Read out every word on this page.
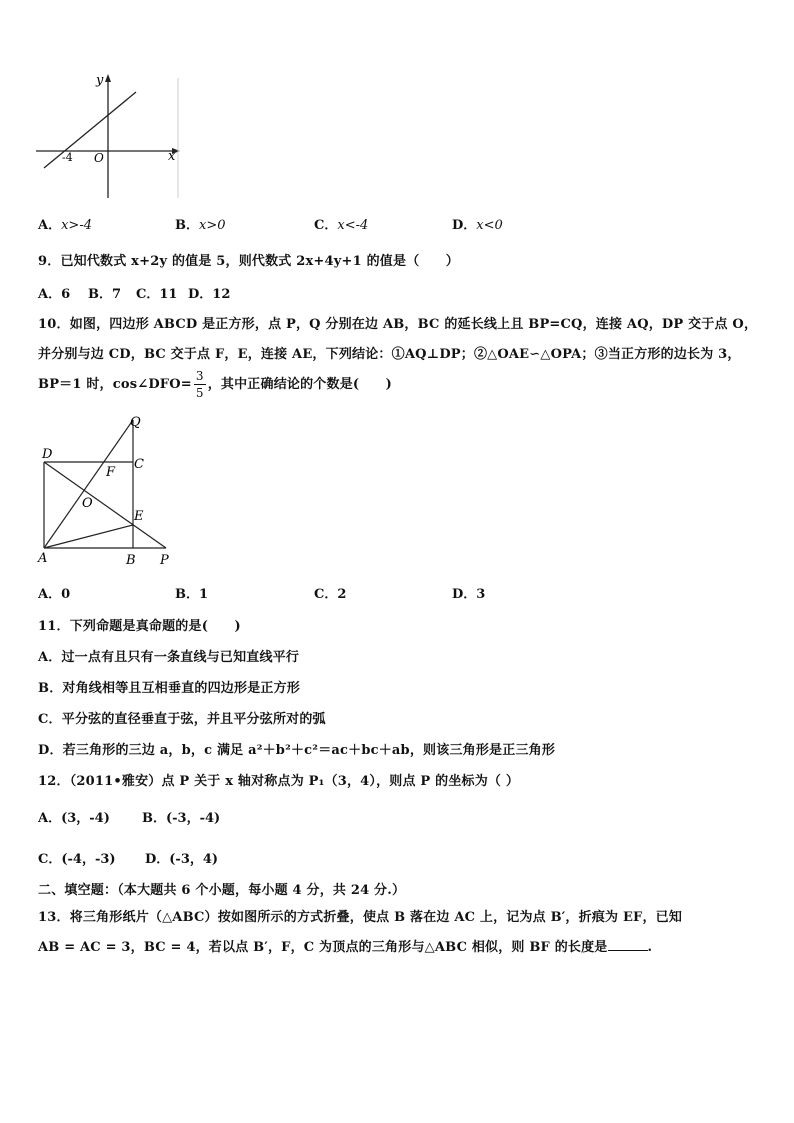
y
x
O
-4
A．x>-4	B．x>0	C．x<-4	D．x<0
9．已知代数式 x+2y 的值是 5，则代数式 2x+4y+1 的值是（　　）
A．6 B．7 C．11 D．12
10．如图，四边形 ABCD 是正方形，点 P，Q 分别在边 AB，BC 的延长线上且 BP=CQ，连接 AQ，DP 交于点 O，
并分别与边 CD，BC 交于点 F，E，连接 AE，下列结论：①AQ⊥DP；②△OAE∽△OPA；③当正方形的边长为 3，
BP＝1 时，cos∠DFO= $\frac{3}{5}$ ，其中正确结论的个数是(　　)
Q
D
C
F
O
E
A	B P
A．0	B．1	C．2	D．3
11．下列命题是真命题的是(　　)
A．过一点有且只有一条直线与已知直线平行
B．对角线相等且互相垂直的四边形是正方形
C．平分弦的直径垂直于弦，并且平分弦所对的弧
D．若三角形的三边 a，b，c 满足 a²＋b²＋c²＝ac＋bc＋ab，则该三角形是正三角形
12．（2011•雅安）点 P 关于 x 轴对称点为 P₁（3，4），则点 P 的坐标为（ ）
A．(3，-4) B．(-3，-4)
C．(-4，-3) D．(-3，4)
二、填空题：（本大题共 6 个小题，每小题 4 分，共 24 分.）
13．将三角形纸片（△ABC）按如图所示的方式折叠，使点 B 落在边 AC 上，记为点 B′，折痕为 EF，已知
AB = AC = 3，BC = 4，若以点 B′，F，C 为顶点的三角形与△ABC 相似，则 BF 的长度是	.
